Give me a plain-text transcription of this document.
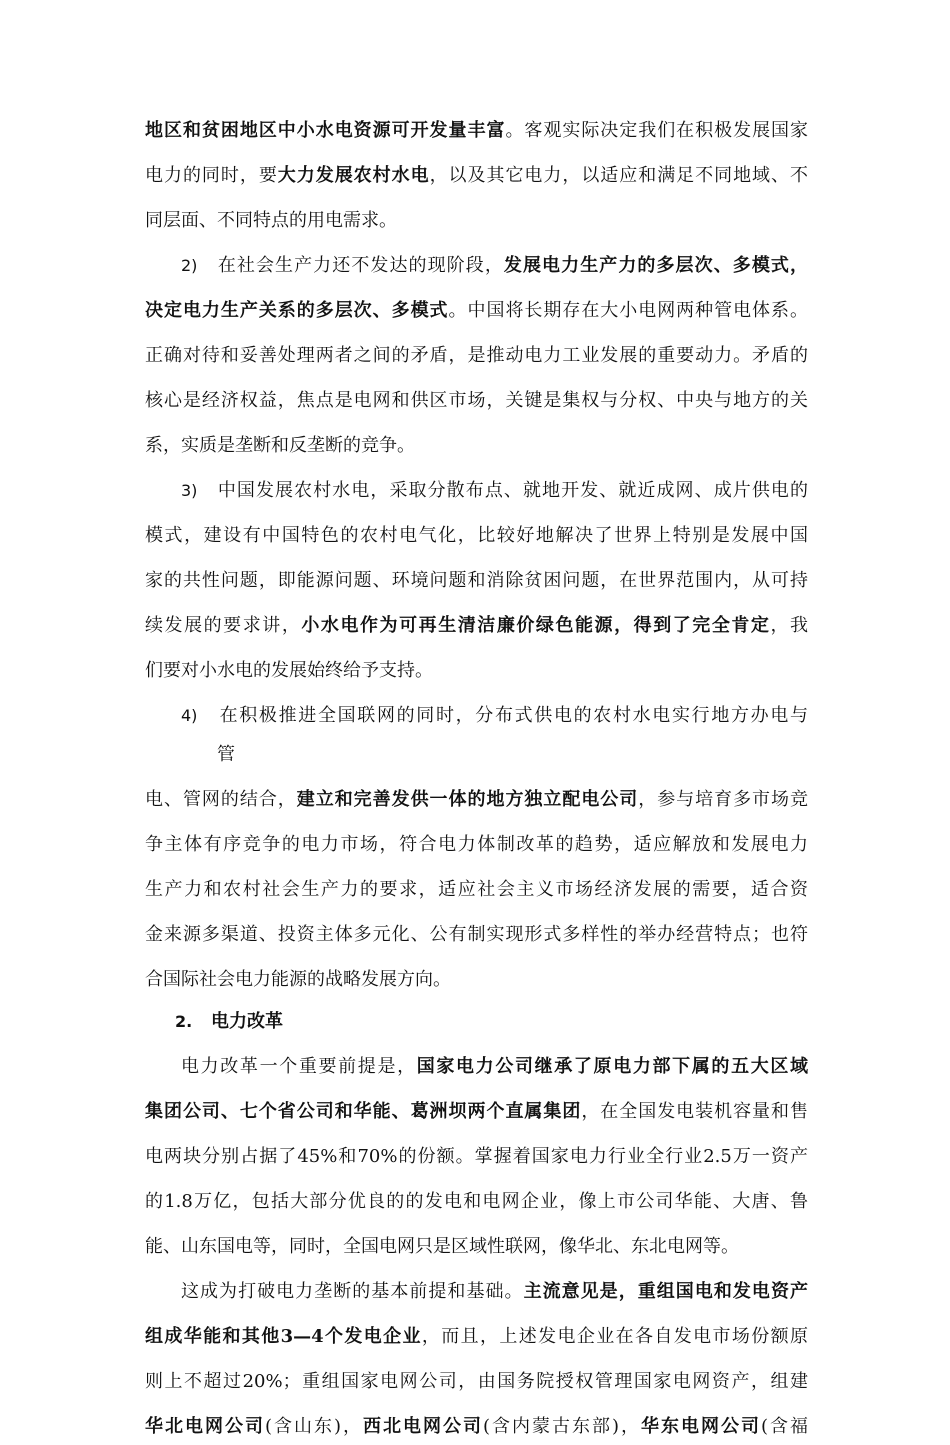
地区和贫困地区中小水电资源可开发量丰富。客观实际决定我们在积极发展国家
电力的同时，要大力发展农村水电，以及其它电力，以适应和满足不同地域、不
同层面、不同特点的用电需求。
2) 在社会生产力还不发达的现阶段，发展电力生产力的多层次、多模式，
决定电力生产关系的多层次、多模式。中国将长期存在大小电网两种管电体系。
正确对待和妥善处理两者之间的矛盾，是推动电力工业发展的重要动力。矛盾的
核心是经济权益，焦点是电网和供区市场，关键是集权与分权、中央与地方的关
系，实质是垄断和反垄断的竞争。
3) 中国发展农村水电，采取分散布点、就地开发、就近成网、成片供电的
模式，建设有中国特色的农村电气化，比较好地解决了世界上特别是发展中国
家的共性问题，即能源问题、环境问题和消除贫困问题，在世界范围内，从可持
续发展的要求讲，小水电作为可再生清洁廉价绿色能源，得到了完全肯定，我
们要对小水电的发展始终给予支持。
4) 在积极推进全国联网的同时，分布式供电的农村水电实行地方办电与
管
电、管网的结合，建立和完善发供一体的地方独立配电公司，参与培育多市场竞
争主体有序竞争的电力市场，符合电力体制改革的趋势，适应解放和发展电力
生产力和农村社会生产力的要求，适应社会主义市场经济发展的需要，适合资
金来源多渠道、投资主体多元化、公有制实现形式多样性的举办经营特点；也符
合国际社会电力能源的战略发展方向。
2. 电力改革
电力改革一个重要前提是，国家电力公司继承了原电力部下属的五大区域
集团公司、七个省公司和华能、葛洲坝两个直属集团，在全国发电装机容量和售
电两块分别占据了45%和70%的份额。掌握着国家电力行业全行业2.5万一资产
的1.8万亿，包括大部分优良的的发电和电网企业，像上市公司华能、大唐、鲁
能、山东国电等，同时，全国电网只是区域性联网，像华北、东北电网等。
这成为打破电力垄断的基本前提和基础。主流意见是，重组国电和发电资产
组成华能和其他3—4个发电企业，而且，上述发电企业在各自发电市场份额原
则上不超过20%；重组国家电网公司，由国务院授权管理国家电网资产，组建
华北电网公司(含山东)，西北电网公司(含内蒙古东部)，华东电网公司(含福
